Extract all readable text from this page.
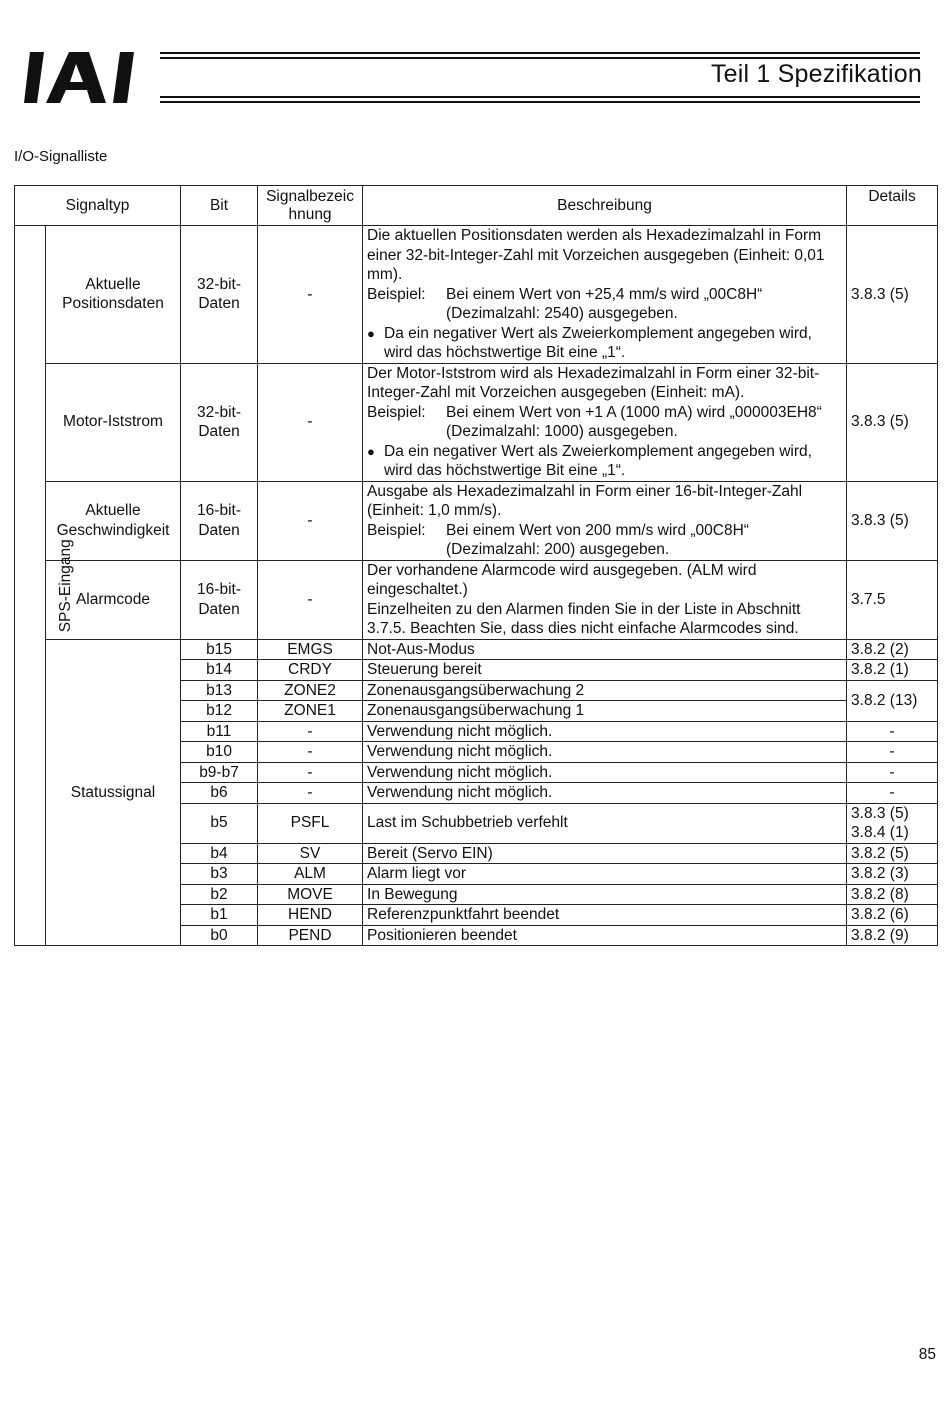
Teil 1 Spezifikation
I/O-Signalliste
Signaltyp		Bit	Signalbezeic
hnung	Beschreibung	Details
SPS-Eingang	Aktuelle Positionsdaten	32-bit-Daten	-	Die aktuellen Positionsdaten werden als Hexadezimalzahl in Form einer 32-bit-Integer-Zahl mit Vorzeichen ausgegeben (Einheit: 0,01 mm).
Beispiel: Bei einem Wert von +25,4 mm/s wird „00C8H“ (Dezimalzahl: 2540) ausgegeben.
● Da ein negativer Wert als Zweierkomplement angegeben wird, wird das höchstwertige Bit eine „1“.	3.8.3 (5)
	Motor-Iststrom	32-bit-Daten	-	Der Motor-Iststrom wird als Hexadezimalzahl in Form einer 32-bit-Integer-Zahl mit Vorzeichen ausgegeben (Einheit: mA).
Beispiel: Bei einem Wert von +1 A (1000 mA) wird „000003EH8“ (Dezimalzahl: 1000) ausgegeben.
● Da ein negativer Wert als Zweierkomplement angegeben wird, wird das höchstwertige Bit eine „1“.	3.8.3 (5)
	Aktuelle Geschwindigkeit	16-bit-Daten	-	Ausgabe als Hexadezimalzahl in Form einer 16-bit-Integer-Zahl (Einheit: 1,0 mm/s).
Beispiel: Bei einem Wert von 200 mm/s wird „00C8H“ (Dezimalzahl: 200) ausgegeben.	3.8.3 (5)
	Alarmcode	16-bit-Daten	-	Der vorhandene Alarmcode wird ausgegeben. (ALM wird eingeschaltet.)
Einzelheiten zu den Alarmen finden Sie in der Liste in Abschnitt 3.7.5. Beachten Sie, dass dies nicht einfache Alarmcodes sind.	3.7.5
	Statussignal	b15	EMGS	Not-Aus-Modus	3.8.2 (2)
		b14	CRDY	Steuerung bereit	3.8.2 (1)
		b13	ZONE2	Zonenausgangsüberwachung 2	3.8.2 (13)
		b12	ZONE1	Zonenausgangsüberwachung 1	
		b11	-	Verwendung nicht möglich.	-
		b10	-	Verwendung nicht möglich.	-
		b9-b7	-	Verwendung nicht möglich.	-
		b6	-	Verwendung nicht möglich.	-
		b5	PSFL	Last im Schubbetrieb verfehlt	3.8.3 (5)
3.8.4 (1)

		b4	SV	Bereit (Servo EIN)	3.8.2 (5)
		b3	ALM	Alarm liegt vor	3.8.2 (3)
		b2	MOVE	In Bewegung	3.8.2 (8)
		b1	HEND	Referenzpunktfahrt beendet	3.8.2 (6)
		b0	PEND	Positionieren beendet	3.8.2 (9)
85
